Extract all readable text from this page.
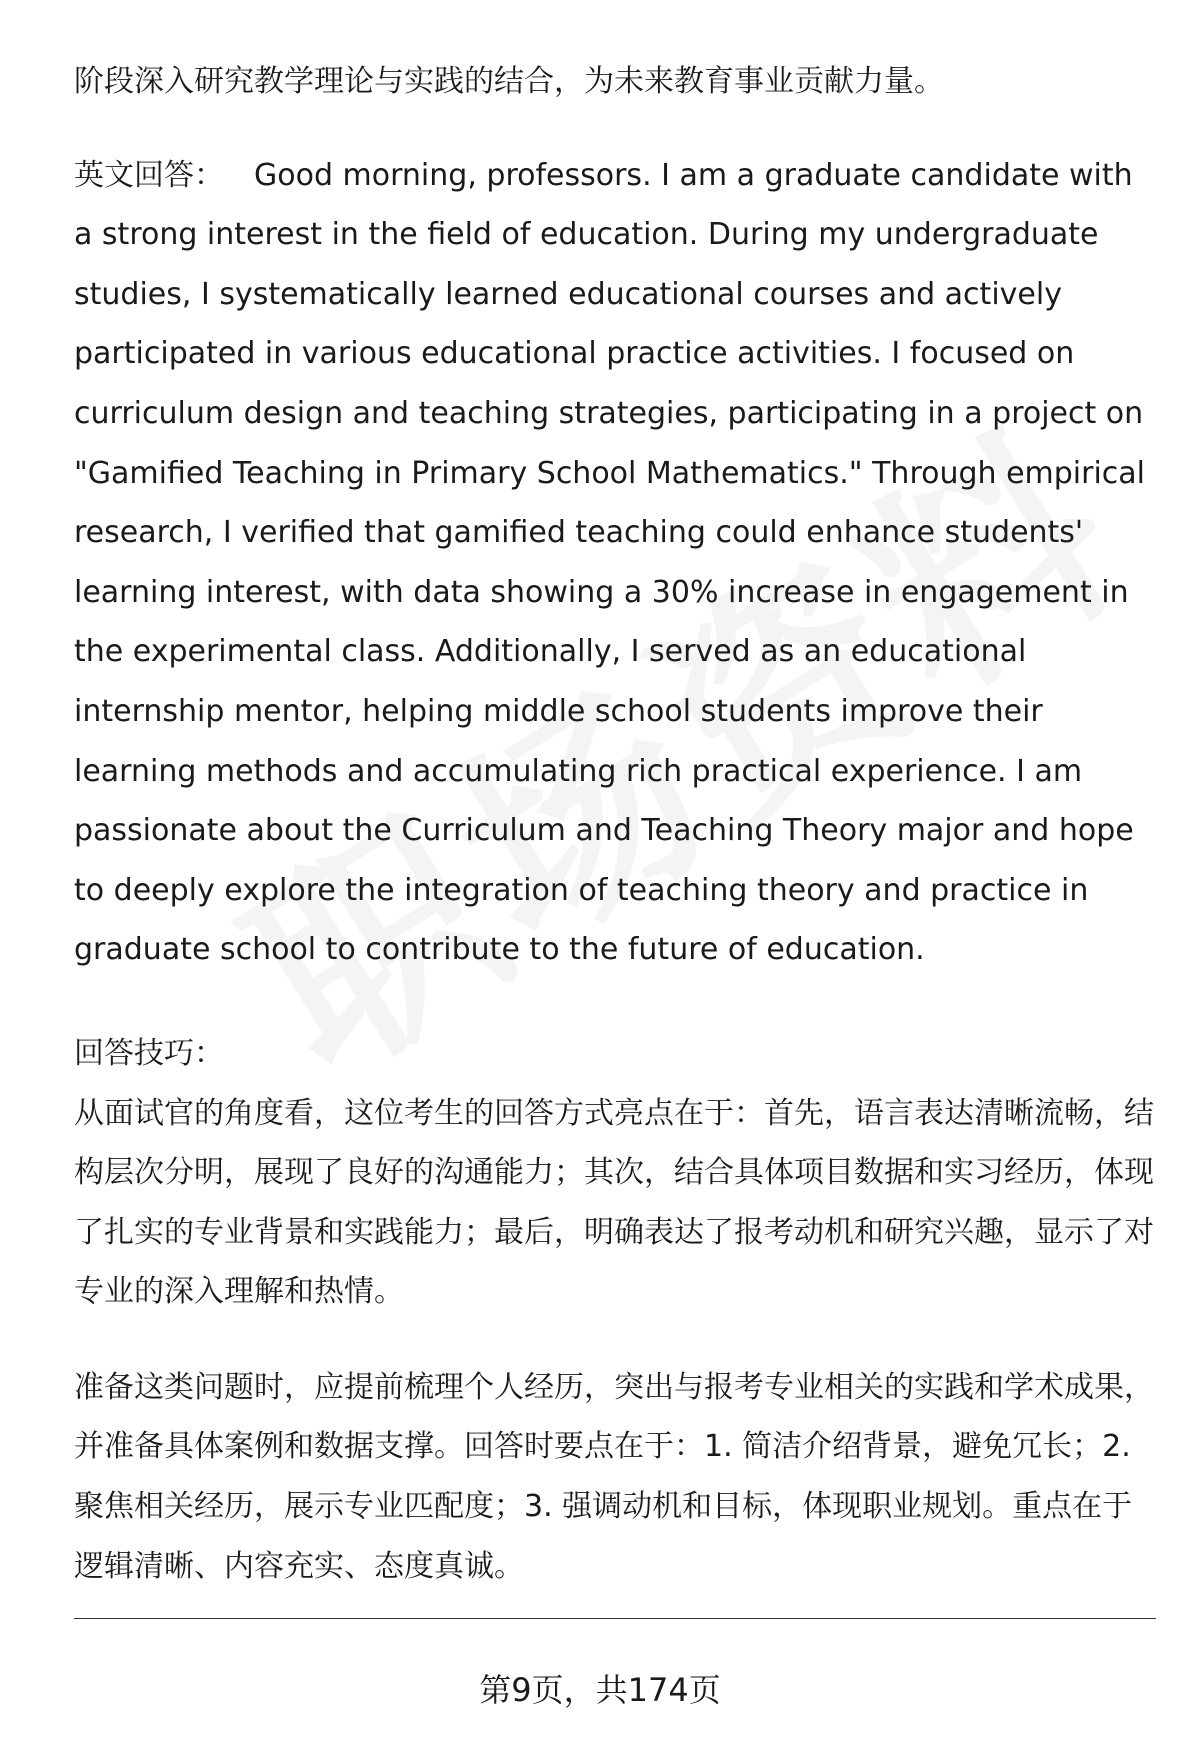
阶段深入研究教学理论与实践的结合，为未来教育事业贡献力量。

英文回答： Good morning, professors. I am a graduate candidate with a strong interest in the field of education. During my undergraduate studies, I systematically learned educational courses and actively participated in various educational practice activities. I focused on curriculum design and teaching strategies, participating in a project on "Gamified Teaching in Primary School Mathematics." Through empirical research, I verified that gamified teaching could enhance students' learning interest, with data showing a 30% increase in engagement in the experimental class. Additionally, I served as an educational internship mentor, helping middle school students improve their learning methods and accumulating rich practical experience. I am passionate about the Curriculum and Teaching Theory major and hope to deeply explore the integration of teaching theory and practice in graduate school to contribute to the future of education.

回答技巧：

从面试官的角度看，这位考生的回答方式亮点在于：首先，语言表达清晰流畅，结构层次分明，展现了良好的沟通能力；其次，结合具体项目数据和实习经历，体现了扎实的专业背景和实践能力；最后，明确表达了报考动机和研究兴趣，显示了对专业的深入理解和热情。

准备这类问题时，应提前梳理个人经历，突出与报考专业相关的实践和学术成果，并准备具体案例和数据支撑。回答时要点在于：1. 简洁介绍背景，避免冗长；2. 聚焦相关经历，展示专业匹配度；3. 强调动机和目标，体现职业规划。重点在于逻辑清晰、内容充实、态度真诚。

第9页，共174页
